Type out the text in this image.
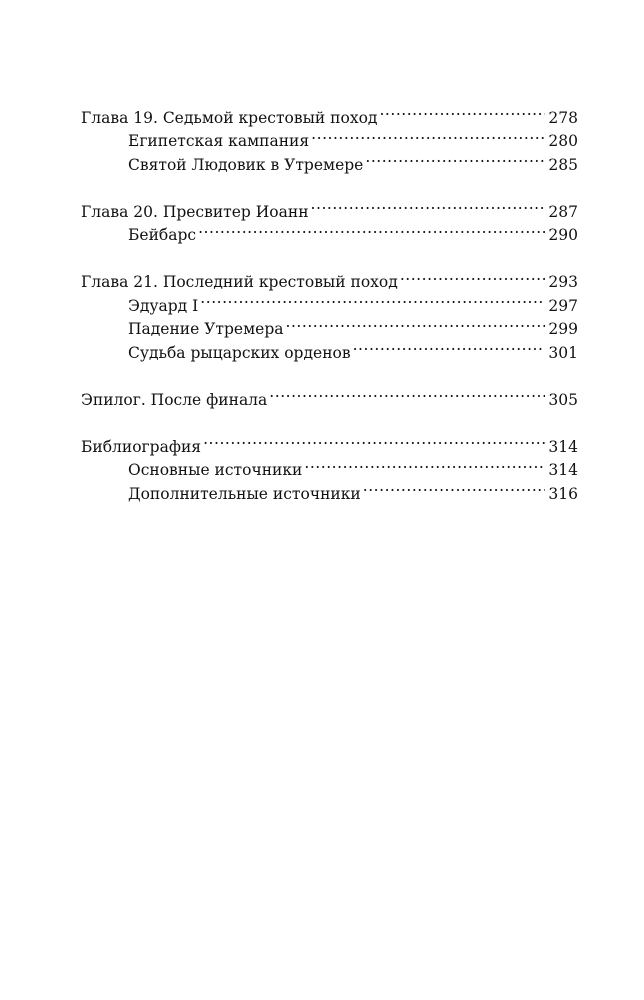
Глава 19. Седьмой крестовый поход . . .	278
Египетская кампания . . .	280
Святой Людовик в Утремере . . .	285
Глава 20. Пресвитер Иоанн . . .	287
Бейбарс . . .	290
Глава 21. Последний крестовый поход . . .	293
Эдуард I . . .	297
Падение Утремера . . .	299
Судьба рыцарских орденов . . .	301
Эпилог. После финала . . .	305
Библиография . . .	314
Основные источники . . .	314
Дополнительные источники . . .	316
